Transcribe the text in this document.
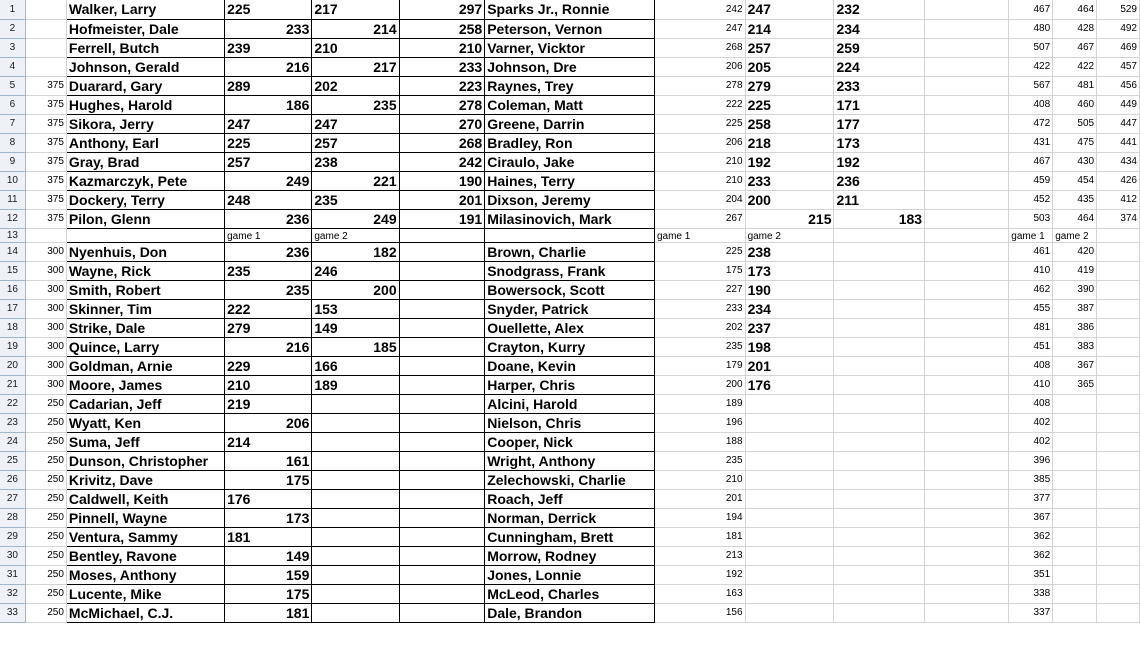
1		Walker, Larry	225	217	297	Sparks Jr., Ronnie	242	247	232		467	464	529
2		Hofmeister, Dale	233	214	258	Peterson, Vernon	247	214	234		480	428	492
3		Ferrell, Butch	239	210	210	Varner, Vicktor	268	257	259		507	467	469
4		Johnson, Gerald	216	217	233	Johnson, Dre	206	205	224		422	422	457
5	375	Duarard, Gary	289	202	223	Raynes, Trey	278	279	233		567	481	456
6	375	Hughes, Harold	186	235	278	Coleman, Matt	222	225	171		408	460	449
7	375	Sikora, Jerry	247	247	270	Greene, Darrin	225	258	177		472	505	447
8	375	Anthony, Earl	225	257	268	Bradley, Ron	206	218	173		431	475	441
9	375	Gray, Brad	257	238	242	Ciraulo, Jake	210	192	192		467	430	434
10	375	Kazmarczyk, Pete	249	221	190	Haines, Terry	210	233	236		459	454	426
11	375	Dockery, Terry	248	235	201	Dixson, Jeremy	204	200	211		452	435	412
12	375	Pilon, Glenn	236	249	191	Milasinovich, Mark	267	215	183		503	464	374
13			game 1	game 2			game 1	game 2			game 1	game 2	
14	300	Nyenhuis, Don	236	182		Brown, Charlie	225	238			461	420	
15	300	Wayne, Rick	235	246		Snodgrass, Frank	175	173			410	419	
16	300	Smith, Robert	235	200		Bowersock, Scott	227	190			462	390	
17	300	Skinner, Tim	222	153		Snyder, Patrick	233	234			455	387	
18	300	Strike, Dale	279	149		Ouellette, Alex	202	237			481	386	
19	300	Quince, Larry	216	185		Crayton, Kurry	235	198			451	383	
20	300	Goldman, Arnie	229	166		Doane, Kevin	179	201			408	367	
21	300	Moore, James	210	189		Harper, Chris	200	176			410	365	
22	250	Cadarian, Jeff	219			Alcini, Harold	189				408		
23	250	Wyatt, Ken	206			Nielson, Chris	196				402		
24	250	Suma, Jeff	214			Cooper, Nick	188				402		
25	250	Dunson, Christopher	161			Wright, Anthony	235				396		
26	250	Krivitz, Dave	175			Zelechowski, Charlie	210				385		
27	250	Caldwell, Keith	176			Roach, Jeff	201				377		
28	250	Pinnell, Wayne	173			Norman, Derrick	194				367		
29	250	Ventura, Sammy	181			Cunningham, Brett	181				362		
30	250	Bentley, Ravone	149			Morrow, Rodney	213				362		
31	250	Moses, Anthony	159			Jones, Lonnie	192				351		
32	250	Lucente, Mike	175			McLeod, Charles	163				338		
33	250	McMichael, C.J.	181			Dale, Brandon	156				337		
